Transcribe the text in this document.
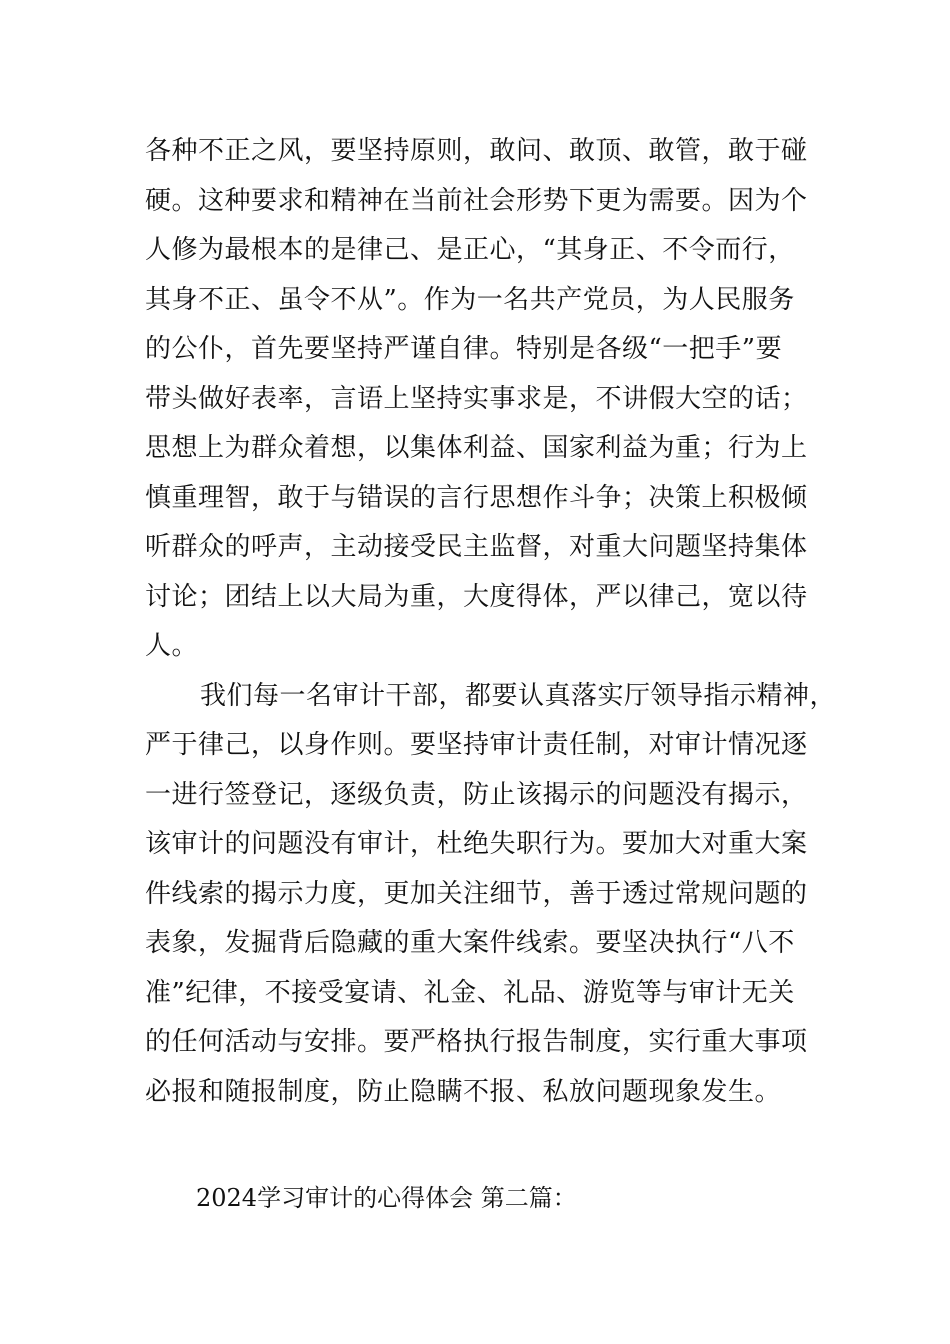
各种不正之风，要坚持原则，敢问、敢顶、敢管，敢于碰
硬。这种要求和精神在当前社会形势下更为需要。因为个
人修为最根本的是律己、是正心，“其身正、不令而行，
其身不正、虽令不从”。作为一名共产党员，为人民服务
的公仆，首先要坚持严谨自律。特别是各级“一把手”要
带头做好表率，言语上坚持实事求是，不讲假大空的话；
思想上为群众着想，以集体利益、国家利益为重；行为上
慎重理智，敢于与错误的言行思想作斗争；决策上积极倾
听群众的呼声，主动接受民主监督，对重大问题坚持集体
讨论；团结上以大局为重，大度得体，严以律己，宽以待
人。
我们每一名审计干部，都要认真落实厅领导指示精神，
严于律己，以身作则。要坚持审计责任制，对审计情况逐
一进行签登记，逐级负责，防止该揭示的问题没有揭示，
该审计的问题没有审计，杜绝失职行为。要加大对重大案
件线索的揭示力度，更加关注细节，善于透过常规问题的
表象，发掘背后隐藏的重大案件线索。要坚决执行“八不
准”纪律，不接受宴请、礼金、礼品、游览等与审计无关
的任何活动与安排。要严格执行报告制度，实行重大事项
必报和随报制度，防止隐瞒不报、私放问题现象发生。
2024学习审计的心得体会 第二篇：
